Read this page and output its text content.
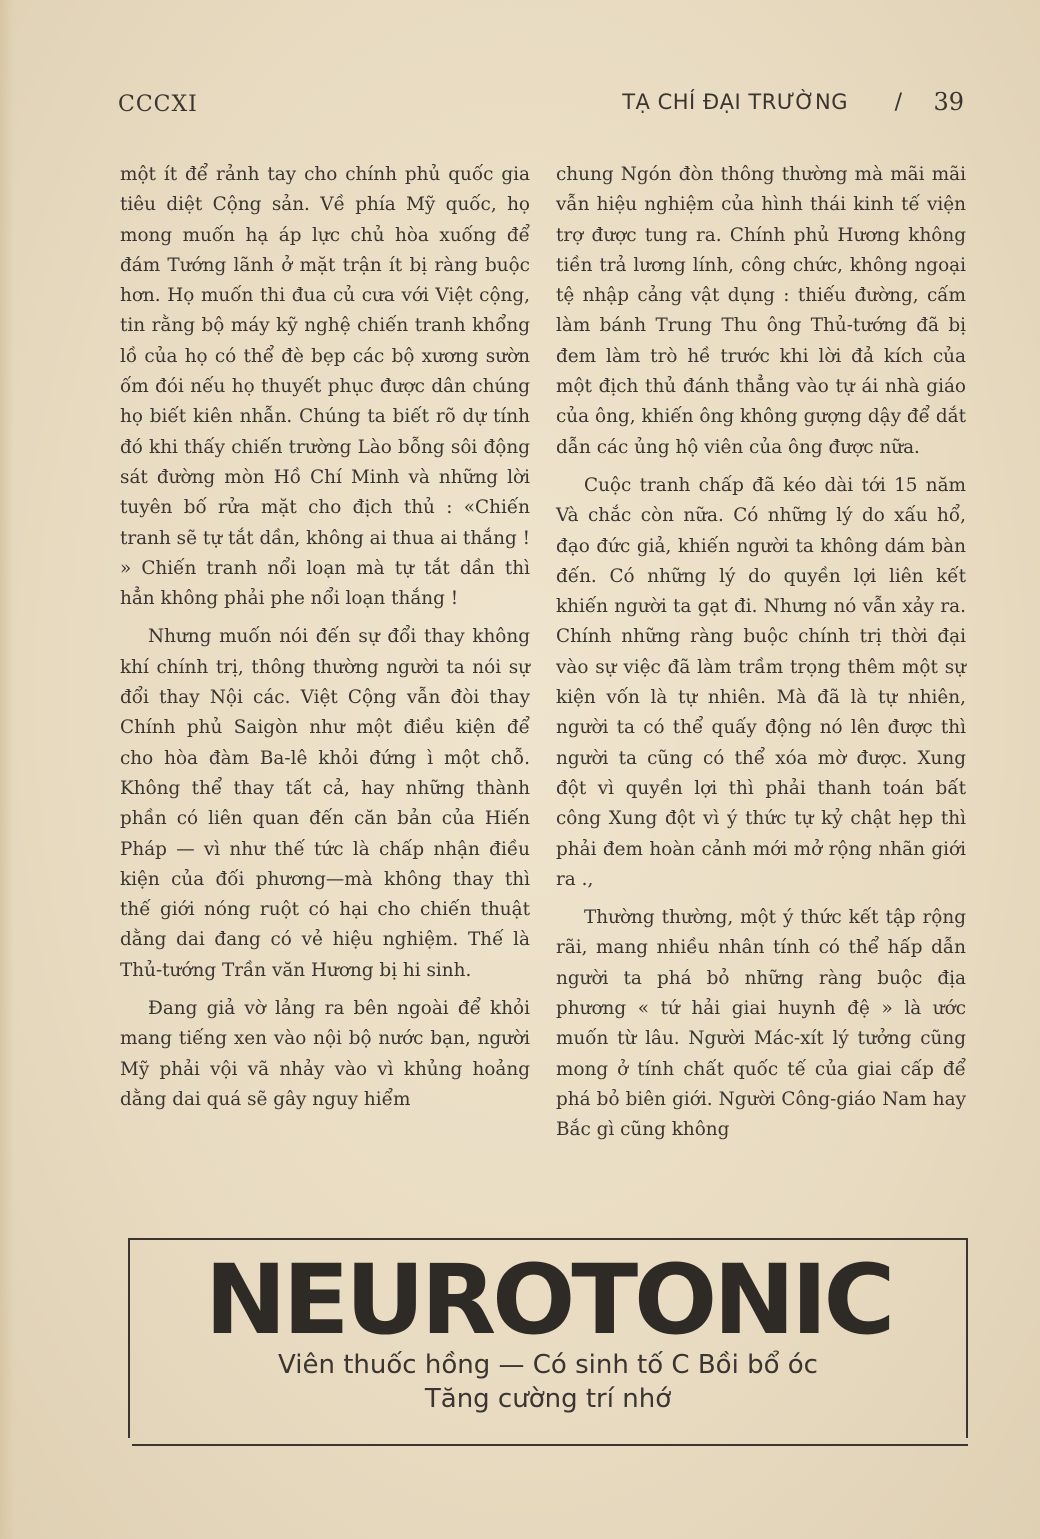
CCCXI	TẠ CHÍ ĐẠI TRƯỜNG / 39

một ít để rảnh tay cho chính phủ quốc gia tiêu diệt Cộng sản. Về phía Mỹ quốc, họ mong muốn hạ áp lực chủ hòa xuống để đám Tướng lãnh ở mặt trận ít bị ràng buộc hơn. Họ muốn thi đua củ cưa với Việt cộng, tin rằng bộ máy kỹ nghệ chiến tranh khổng lồ của họ có thể đè bẹp các bộ xương sườn ốm đói nếu họ thuyết phục được dân chúng họ biết kiên nhẫn. Chúng ta biết rõ dự tính đó khi thấy chiến trường Lào bỗng sôi động sát đường mòn Hồ Chí Minh và những lời tuyên bố rửa mặt cho địch thủ : «Chiến tranh sẽ tự tắt dần, không ai thua ai thắng ! » Chiến tranh nổi loạn mà tự tắt dần thì hẳn không phải phe nổi loạn thắng !

Nhưng muốn nói đến sự đổi thay không khí chính trị, thông thường người ta nói sự đổi thay Nội các. Việt Cộng vẫn đòi thay Chính phủ Saigòn như một điều kiện để cho hòa đàm Ba-lê khỏi đứng ì một chỗ. Không thể thay tất cả, hay những thành phần có liên quan đến căn bản của Hiến Pháp — vì như thế tức là chấp nhận điều kiện của đối phương—mà không thay thì thế giới nóng ruột có hại cho chiến thuật dằng dai đang có vẻ hiệu nghiệm. Thế là Thủ-tướng Trần văn Hương bị hi sinh.

Đang giả vờ lảng ra bên ngoài để khỏi mang tiếng xen vào nội bộ nước bạn, người Mỹ phải vội vã nhảy vào vì khủng hoảng dằng dai quá sẽ gây nguy hiểm

chung Ngón đòn thông thường mà mãi mãi vẫn hiệu nghiệm của hình thái kinh tế viện trợ được tung ra. Chính phủ Hương không tiền trả lương lính, công chức, không ngoại tệ nhập cảng vật dụng : thiếu đường, cấm làm bánh Trung Thu ông Thủ-tướng đã bị đem làm trò hề trước khi lời đả kích của một địch thủ đánh thẳng vào tự ái nhà giáo của ông, khiến ông không gượng dậy để dắt dẫn các ủng hộ viên của ông được nữa.

Cuộc tranh chấp đã kéo dài tới 15 năm Và chắc còn nữa. Có những lý do xấu hổ, đạo đức giả, khiến người ta không dám bàn đến. Có những lý do quyền lợi liên kết khiến người ta gạt đi. Nhưng nó vẫn xảy ra. Chính những ràng buộc chính trị thời đại vào sự việc đã làm trầm trọng thêm một sự kiện vốn là tự nhiên. Mà đã là tự nhiên, người ta có thể quấy động nó lên được thì người ta cũng có thể xóa mờ được. Xung đột vì quyền lợi thì phải thanh toán bất công Xung đột vì ý thức tự kỷ chật hẹp thì phải đem hoàn cảnh mới mở rộng nhãn giới ra .,

Thường thường, một ý thức kết tập rộng rãi, mang nhiều nhân tính có thể hấp dẫn người ta phá bỏ những ràng buộc địa phương « tứ hải giai huynh đệ » là ước muốn từ lâu. Người Mác-xít lý tưởng cũng mong ở tính chất quốc tế của giai cấp để phá bỏ biên giới. Người Công-giáo Nam hay Bắc gì cũng không

NEUROTONIC
Viên thuốc hồng — Có sinh tố C Bồi bổ óc
Tăng cường trí nhớ
